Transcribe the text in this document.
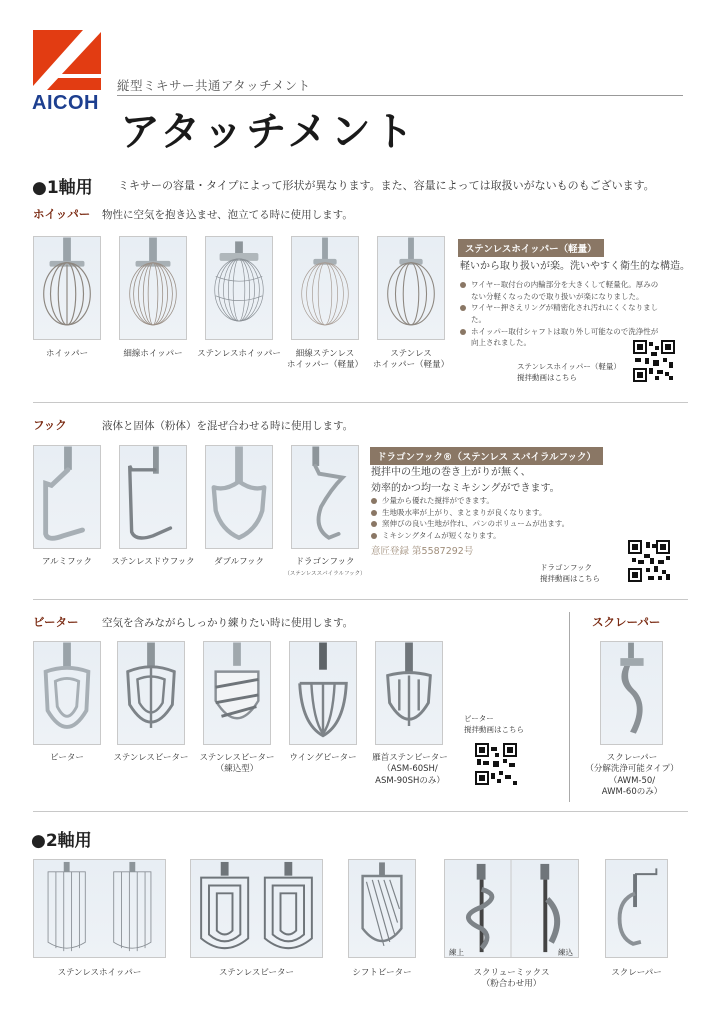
AICOH
縦型ミキサー共通アタッチメント
アタッチメント
●1軸用 ミキサーの容量・タイプによって形状が異なります。また、容量によっては取扱いがないものもございます。
ホイッパー 物性に空気を抱き込ませ、泡立てる時に使用します。
ホイッパー	細線ホイッパー	ステンレスホイッパー	細線ステンレス
ホイッパー（軽量）
ステンレス
ホイッパー（軽量）
ステンレスホイッパー（軽量）
軽いから取り扱いが楽。洗いやすく衛生的な構造。
ワイヤー取付台の内輪部分を大きくして軽量化。厚みのない分軽くなったので取り扱いが楽になりました。
ワイヤー押さえリングが精密化され汚れにくくなりました。
ホイッパー取付シャフトは取り外し可能なので洗浄性が向上されました。
ステンレスホイッパー（軽量）
撹拌動画はこちら
フック	液体と固体（粉体）を混ぜ合わせる時に使用します。
アルミフック	ステンレスドウフック	ダブルフック	ドラゴンフック
（ステンレススパイラルフック）
ドラゴンフック®（ステンレス スパイラルフック）
撹拌中の生地の巻き上がりが無く、
効率的かつ均一なミキシングができます。
少量から優れた撹拌ができます。
生地吸水率が上がり、まとまりが良くなります。
窯伸びの良い生地が作れ、パンのボリュームが出ます。
ミキシングタイムが短くなります。
意匠登録 第5587292号
ドラゴンフック
撹拌動画はこちら
ビーター 空気を含みながらしっかり練りたい時に使用します。
ビーター	ステンレスビーター	ステンレスビーター
（練込型）
ウイングビーター	雁首ステンビーター
（ASM-60SH/
ASM-90SHのみ）
ビーター
撹拌動画はこちら
スクレーパー
スクレーパー
（分解洗浄可能タイプ）
（AWM-50/
AWM-60のみ）
●2軸用
練上	練込
ステンレスホイッパー	ステンレスビーター	シフトビーター	スクリューミックス
（粉合わせ用）
スクレーパー
